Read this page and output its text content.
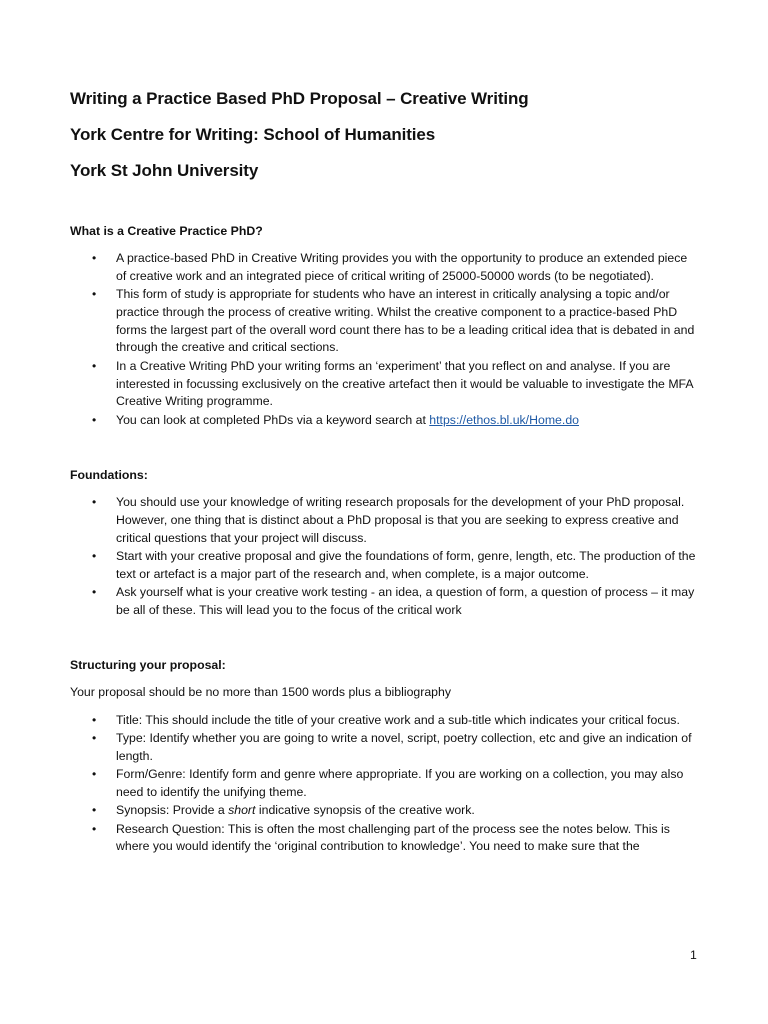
Writing a Practice Based PhD Proposal – Creative Writing
York Centre for Writing: School of Humanities
York St John University
What is a Creative Practice PhD?
• A practice-based PhD in Creative Writing provides you with the opportunity to produce an extended piece of creative work and an integrated piece of critical writing of 25000-50000 words (to be negotiated).
• This form of study is appropriate for students who have an interest in critically analysing a topic and/or practice through the process of creative writing. Whilst the creative component to a practice-based PhD forms the largest part of the overall word count there has to be a leading critical idea that is debated in and through the creative and critical sections.
• In a Creative Writing PhD your writing forms an ‘experiment’ that you reflect on and analyse. If you are interested in focussing exclusively on the creative artefact then it would be valuable to investigate the MFA Creative Writing programme.
• You can look at completed PhDs via a keyword search at https://ethos.bl.uk/Home.do
Foundations:
• You should use your knowledge of writing research proposals for the development of your PhD proposal. However, one thing that is distinct about a PhD proposal is that you are seeking to express creative and critical questions that your project will discuss.
• Start with your creative proposal and give the foundations of form, genre, length, etc. The production of the text or artefact is a major part of the research and, when complete, is a major outcome.
• Ask yourself what is your creative work testing - an idea, a question of form, a question of process – it may be all of these. This will lead you to the focus of the critical work
Structuring your proposal:
Your proposal should be no more than 1500 words plus a bibliography
• Title: This should include the title of your creative work and a sub-title which indicates your critical focus.
• Type: Identify whether you are going to write a novel, script, poetry collection, etc and give an indication of length.
• Form/Genre: Identify form and genre where appropriate. If you are working on a collection, you may also need to identify the unifying theme.
• Synopsis: Provide a short indicative synopsis of the creative work.
• Research Question: This is often the most challenging part of the process see the notes below. This is where you would identify the ‘original contribution to knowledge’. You need to make sure that the
1
